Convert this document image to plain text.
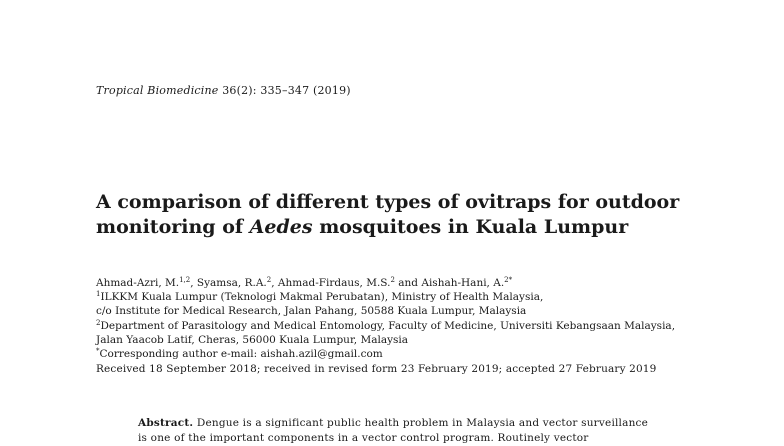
Tropical Biomedicine 36(2): 335–347 (2019)
A comparison of different types of ovitraps for outdoor monitoring of Aedes mosquitoes in Kuala Lumpur
Ahmad-Azri, M.$^{1,2}$, Syamsa, R.A.$^2$, Ahmad-Firdaus, M.S.$^2$ and Aishah-Hani, A.$^{2*}$
$^1$ILKKM Kuala Lumpur (Teknologi Makmal Perubatan), Ministry of Health Malaysia,
c/o Institute for Medical Research, Jalan Pahang, 50588 Kuala Lumpur, Malaysia
$^2$Department of Parasitology and Medical Entomology, Faculty of Medicine, Universiti Kebangsaan Malaysia,
Jalan Yaacob Latif, Cheras, 56000 Kuala Lumpur, Malaysia
*Corresponding author e-mail: aishah.azil@gmail.com
Received 18 September 2018; received in revised form 23 February 2019; accepted 27 February 2019
Abstract. Dengue is a significant public health problem in Malaysia and vector surveillance is one of the important components in a vector control program. Routinely vector
